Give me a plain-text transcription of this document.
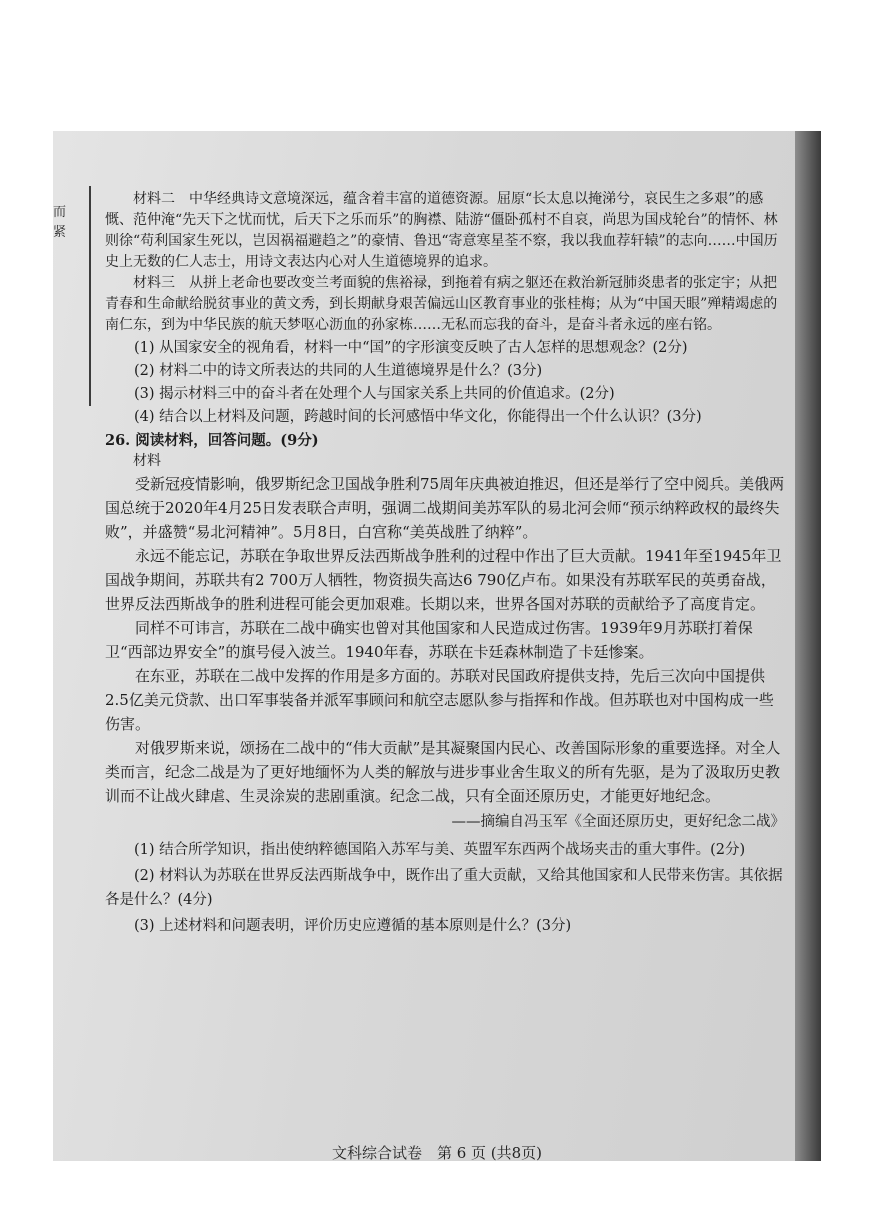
而
紧

材料二　中华经典诗文意境深远，蕴含着丰富的道德资源。屈原“长太息以掩涕兮，哀民生之多艰”的感慨、范仲淹“先天下之忧而忧，后天下之乐而乐”的胸襟、陆游“僵卧孤村不自哀，尚思为国戍轮台”的情怀、林则徐“苟利国家生死以，岂因祸福避趋之”的豪情、鲁迅“寄意寒星荃不察，我以我血荐轩辕”的志向……中国历史上无数的仁人志士，用诗文表达内心对人生道德境界的追求。

材料三　从拼上老命也要改变兰考面貌的焦裕禄，到拖着有病之躯还在救治新冠肺炎患者的张定宇；从把青春和生命献给脱贫事业的黄文秀，到长期献身艰苦偏远山区教育事业的张桂梅；从为“中国天眼”殚精竭虑的南仁东，到为中华民族的航天梦呕心沥血的孙家栋……无私而忘我的奋斗，是奋斗者永远的座右铭。

(1) 从国家安全的视角看，材料一中“国”的字形演变反映了古人怎样的思想观念？(2分)

(2) 材料二中的诗文所表达的共同的人生道德境界是什么？(3分)

(3) 揭示材料三中的奋斗者在处理个人与国家关系上共同的价值追求。(2分)

(4) 结合以上材料及问题，跨越时间的长河感悟中华文化，你能得出一个什么认识？(3分)

26. 阅读材料，回答问题。(9分)

材料

受新冠疫情影响，俄罗斯纪念卫国战争胜利75周年庆典被迫推迟，但还是举行了空中阅兵。美俄两国总统于2020年4月25日发表联合声明，强调二战期间美苏军队的易北河会师“预示纳粹政权的最终失败”，并盛赞“易北河精神”。5月8日，白宫称“美英战胜了纳粹”。

永远不能忘记，苏联在争取世界反法西斯战争胜利的过程中作出了巨大贡献。1941年至1945年卫国战争期间，苏联共有2 700万人牺牲，物资损失高达6 790亿卢布。如果没有苏联军民的英勇奋战，世界反法西斯战争的胜利进程可能会更加艰难。长期以来，世界各国对苏联的贡献给予了高度肯定。

同样不可讳言，苏联在二战中确实也曾对其他国家和人民造成过伤害。1939年9月苏联打着保卫“西部边界安全”的旗号侵入波兰。1940年春，苏联在卡廷森林制造了卡廷惨案。

在东亚，苏联在二战中发挥的作用是多方面的。苏联对民国政府提供支持，先后三次向中国提供2.5亿美元贷款、出口军事装备并派军事顾问和航空志愿队参与指挥和作战。但苏联也对中国构成一些伤害。

对俄罗斯来说，颂扬在二战中的“伟大贡献”是其凝聚国内民心、改善国际形象的重要选择。对全人类而言，纪念二战是为了更好地缅怀为人类的解放与进步事业舍生取义的所有先驱，是为了汲取历史教训而不让战火肆虐、生灵涂炭的悲剧重演。纪念二战，只有全面还原历史，才能更好地纪念。

——摘编自冯玉军《全面还原历史，更好纪念二战》

(1) 结合所学知识，指出使纳粹德国陷入苏军与美、英盟军东西两个战场夹击的重大事件。(2分)

(2) 材料认为苏联在世界反法西斯战争中，既作出了重大贡献，又给其他国家和人民带来伤害。其依据各是什么？(4分)

(3) 上述材料和问题表明，评价历史应遵循的基本原则是什么？(3分)

文科综合试卷　第 6 页 (共8页)
